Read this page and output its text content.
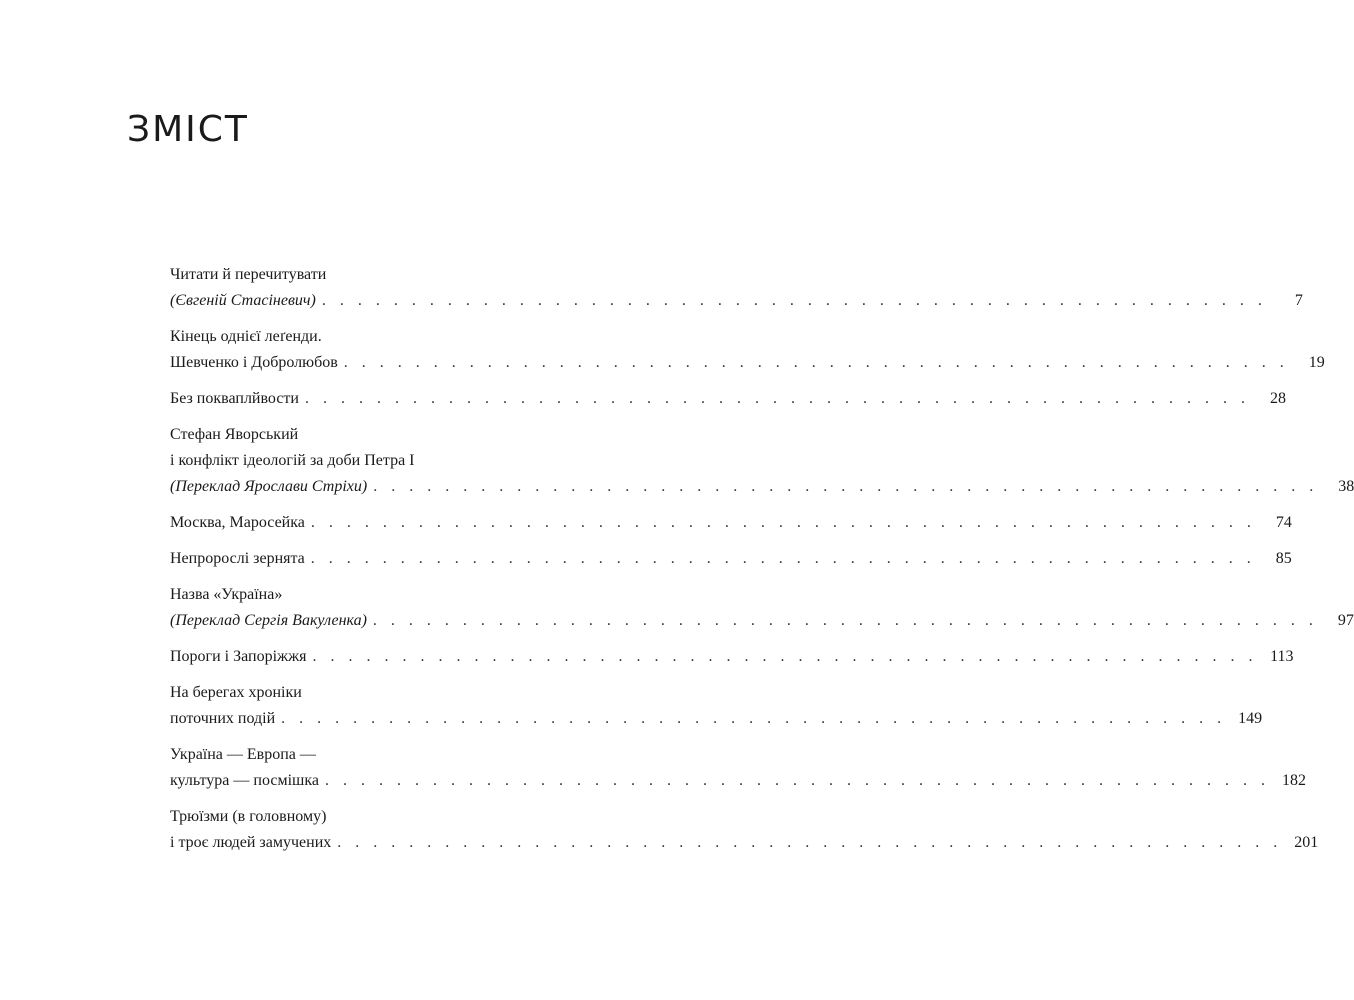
ЗМІСТ
Читати й перечитувати
(Євгеній Стасіневич) . . . . . . . . . . . . . . . . . . . . . . . . . . . . . . . . . . . . . . . . . . . . . . . . . . . . .	7
Кінець однієї леґенди.
Шевченко і Добролюбов . . . . . . . . . . . . . . . . . . . . . . . . . . . . . . . . . . . . . . . . . . . . . . . . . . . . .	19
Без покваплйвости . . . . . . . . . . . . . . . . . . . . . . . . . . . . . . . . . . . . . . . . . . . . . . . . . . . . .	28
Стефан Яворський
і конфлікт ідеологій за доби Петра І
(Переклад Ярослави Стріхи) . . . . . . . . . . . . . . . . . . . . . . . . . . . . . . . . . . . . . . . . . . . . . . . . . . . . .	38
Москва, Маросейка . . . . . . . . . . . . . . . . . . . . . . . . . . . . . . . . . . . . . . . . . . . . . . . . . . . . .	74
Непророслі зернята . . . . . . . . . . . . . . . . . . . . . . . . . . . . . . . . . . . . . . . . . . . . . . . . . . . . .	85
Назва «Україна»
(Переклад Сергія Вакуленка) . . . . . . . . . . . . . . . . . . . . . . . . . . . . . . . . . . . . . . . . . . . . . . . . . . . . .	97
Пороги і Запоріжжя . . . . . . . . . . . . . . . . . . . . . . . . . . . . . . . . . . . . . . . . . . . . . . . . . . . . . 113
На берегах хроніки
поточних подій . . . . . . . . . . . . . . . . . . . . . . . . . . . . . . . . . . . . . . . . . . . . . . . . . . . . . 149
Україна — Европа —
культура — посмішка . . . . . . . . . . . . . . . . . . . . . . . . . . . . . . . . . . . . . . . . . . . . . . . . . . . . . 182
Трюїзми (в головному)
і троє людей замучених . . . . . . . . . . . . . . . . . . . . . . . . . . . . . . . . . . . . . . . . . . . . . . . . . . . . . 201
